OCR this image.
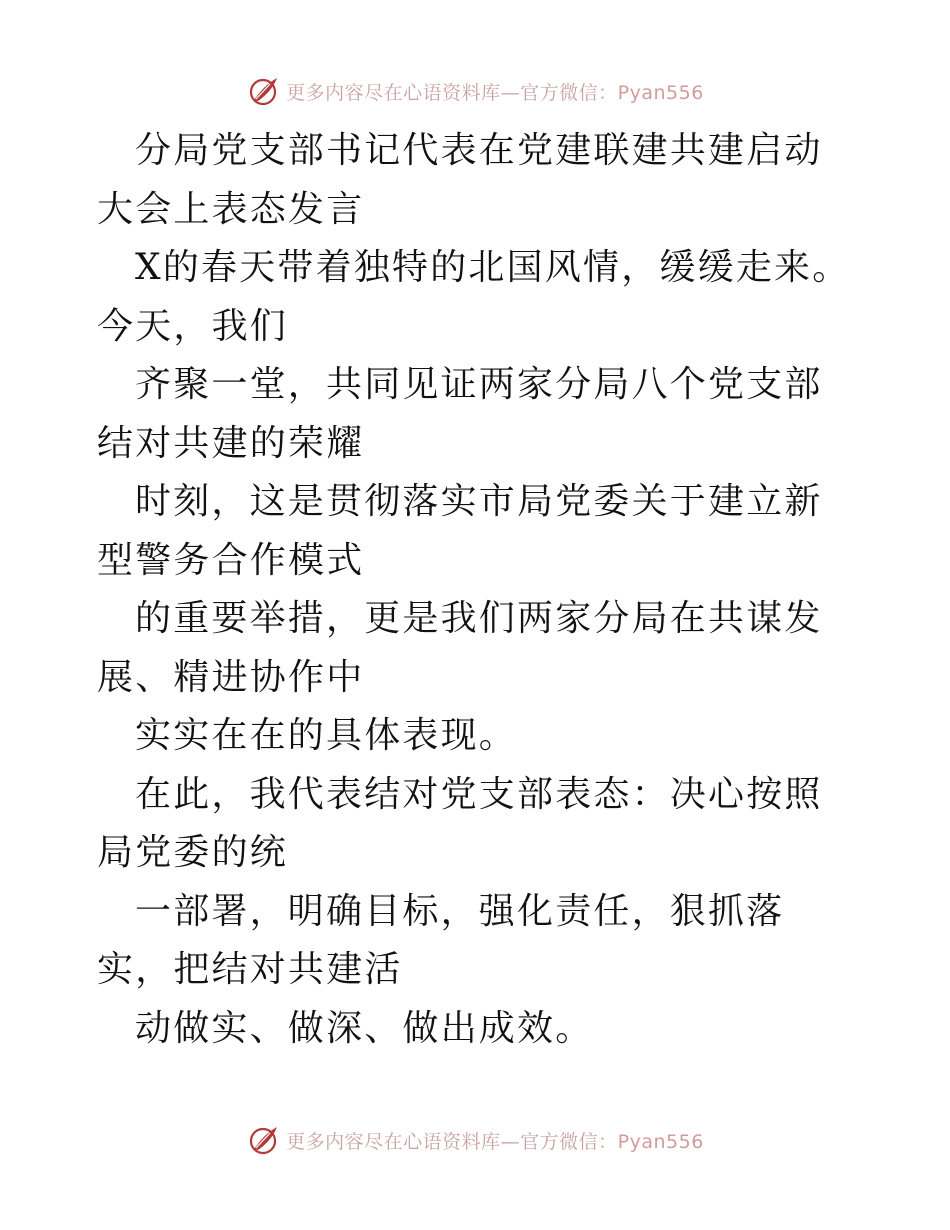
更多内容尽在心语资料库—官方微信：Pyan556

分局党支部书记代表在党建联建共建启动大会上表态发言

X的春天带着独特的北国风情，缓缓走来。今天，我们

齐聚一堂，共同见证两家分局八个党支部结对共建的荣耀

时刻，这是贯彻落实市局党委关于建立新型警务合作模式

的重要举措，更是我们两家分局在共谋发展、精进协作中

实实在在的具体表现。

在此，我代表结对党支部表态：决心按照局党委的统

一部署，明确目标，强化责任，狠抓落实，把结对共建活

动做实、做深、做出成效。

更多内容尽在心语资料库—官方微信：Pyan556
